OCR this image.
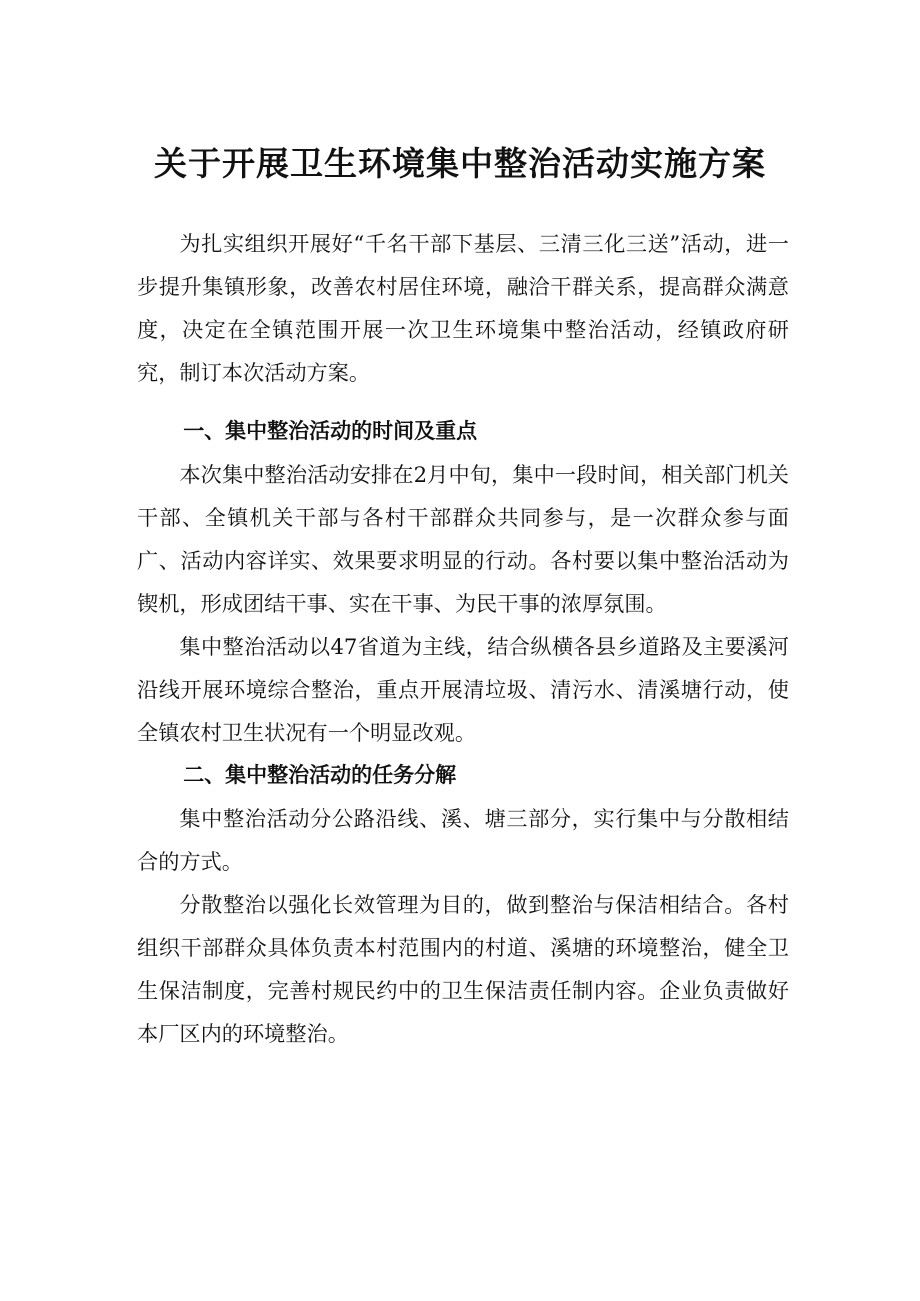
关于开展卫生环境集中整治活动实施方案

为扎实组织开展好“千名干部下基层、三清三化三送”活动，进一步提升集镇形象，改善农村居住环境，融洽干群关系，提高群众满意度，决定在全镇范围开展一次卫生环境集中整治活动，经镇政府研究，制订本次活动方案。

一、集中整治活动的时间及重点

本次集中整治活动安排在2月中旬，集中一段时间，相关部门机关干部、全镇机关干部与各村干部群众共同参与，是一次群众参与面广、活动内容详实、效果要求明显的行动。各村要以集中整治活动为锲机，形成团结干事、实在干事、为民干事的浓厚氛围。

集中整治活动以47省道为主线，结合纵横各县乡道路及主要溪河沿线开展环境综合整治，重点开展清垃圾、清污水、清溪塘行动，使全镇农村卫生状况有一个明显改观。

二、集中整治活动的任务分解

集中整治活动分公路沿线、溪、塘三部分，实行集中与分散相结合的方式。

分散整治以强化长效管理为目的，做到整治与保洁相结合。各村组织干部群众具体负责本村范围内的村道、溪塘的环境整治，健全卫生保洁制度，完善村规民约中的卫生保洁责任制内容。企业负责做好本厂区内的环境整治。
